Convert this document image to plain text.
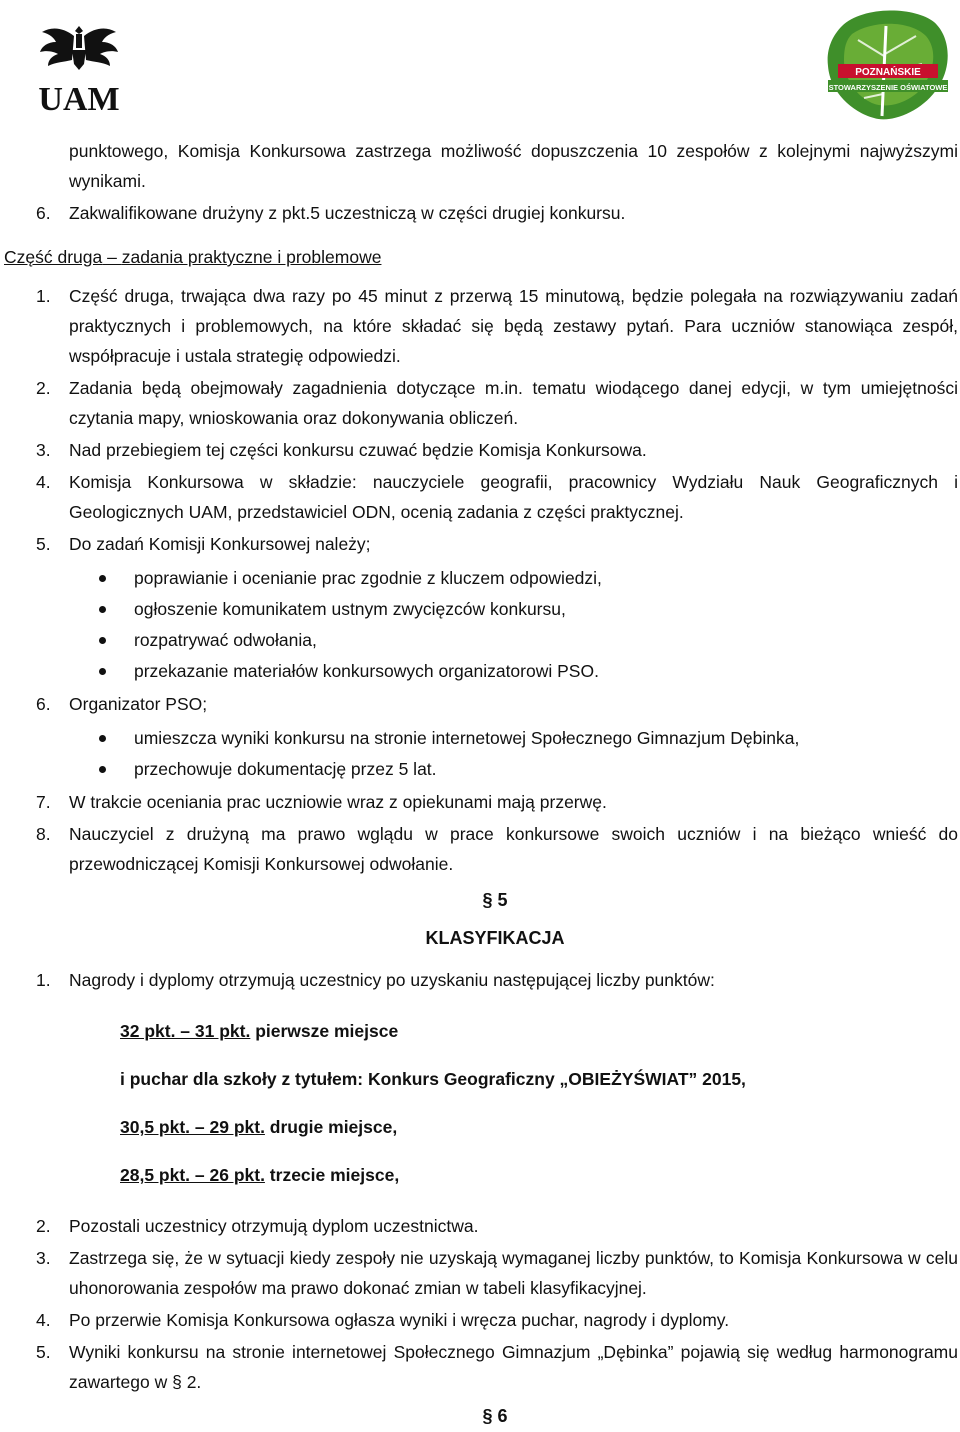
UAM
POZNAŃSKIE
STOWARZYSZENIE OŚWIATOWE
punktowego, Komisja Konkursowa zastrzega możliwość dopuszczenia 10 zespołów z kolejnymi najwyższymi wynikami.
6. Zakwalifikowane drużyny z pkt.5 uczestniczą w części drugiej konkursu.
Część druga – zadania praktyczne i problemowe
1. Część druga, trwająca dwa razy po 45 minut z przerwą 15 minutową, będzie polegała na rozwiązywaniu zadań praktycznych i problemowych, na które składać się będą zestawy pytań. Para uczniów stanowiąca zespół, współpracuje i ustala strategię odpowiedzi.
2. Zadania będą obejmowały zagadnienia dotyczące m.in. tematu wiodącego danej edycji, w tym umiejętności czytania mapy, wnioskowania oraz dokonywania obliczeń.
3. Nad przebiegiem tej części konkursu czuwać będzie Komisja Konkursowa.
4. Komisja Konkursowa w składzie: nauczyciele geografii, pracownicy Wydziału Nauk Geograficznych i Geologicznych UAM, przedstawiciel ODN, ocenią zadania z części praktycznej.
5. Do zadań Komisji Konkursowej należy;
poprawianie i ocenianie prac zgodnie z kluczem odpowiedzi,
ogłoszenie komunikatem ustnym zwycięzców konkursu,
rozpatrywać odwołania,
przekazanie materiałów konkursowych organizatorowi PSO.
6. Organizator PSO;
umieszcza wyniki konkursu na stronie internetowej Społecznego Gimnazjum Dębinka,
przechowuje dokumentację przez 5 lat.
7. W trakcie oceniania prac uczniowie wraz z opiekunami mają przerwę.
8. Nauczyciel z drużyną ma prawo wglądu w prace konkursowe swoich uczniów i na bieżąco wnieść do przewodniczącej Komisji Konkursowej odwołanie.
§ 5
KLASYFIKACJA
1. Nagrody i dyplomy otrzymują uczestnicy po uzyskaniu następującej liczby punktów:
32 pkt. – 31 pkt. pierwsze miejsce
i puchar dla szkoły z tytułem: Konkurs Geograficzny „OBIEŻYŚWIAT” 2015,
30,5 pkt. – 29 pkt. drugie miejsce,
28,5 pkt. – 26 pkt. trzecie miejsce,
2. Pozostali uczestnicy otrzymują dyplom uczestnictwa.
3. Zastrzega się, że w sytuacji kiedy zespoły nie uzyskają wymaganej liczby punktów, to Komisja Konkursowa w celu uhonorowania zespołów ma prawo dokonać zmian w tabeli klasyfikacyjnej.
4. Po przerwie Komisja Konkursowa ogłasza wyniki i wręcza puchar, nagrody i dyplomy.
5. Wyniki konkursu na stronie internetowej Społecznego Gimnazjum „Dębinka” pojawią się według harmonogramu zawartego w § 2.
§ 6
